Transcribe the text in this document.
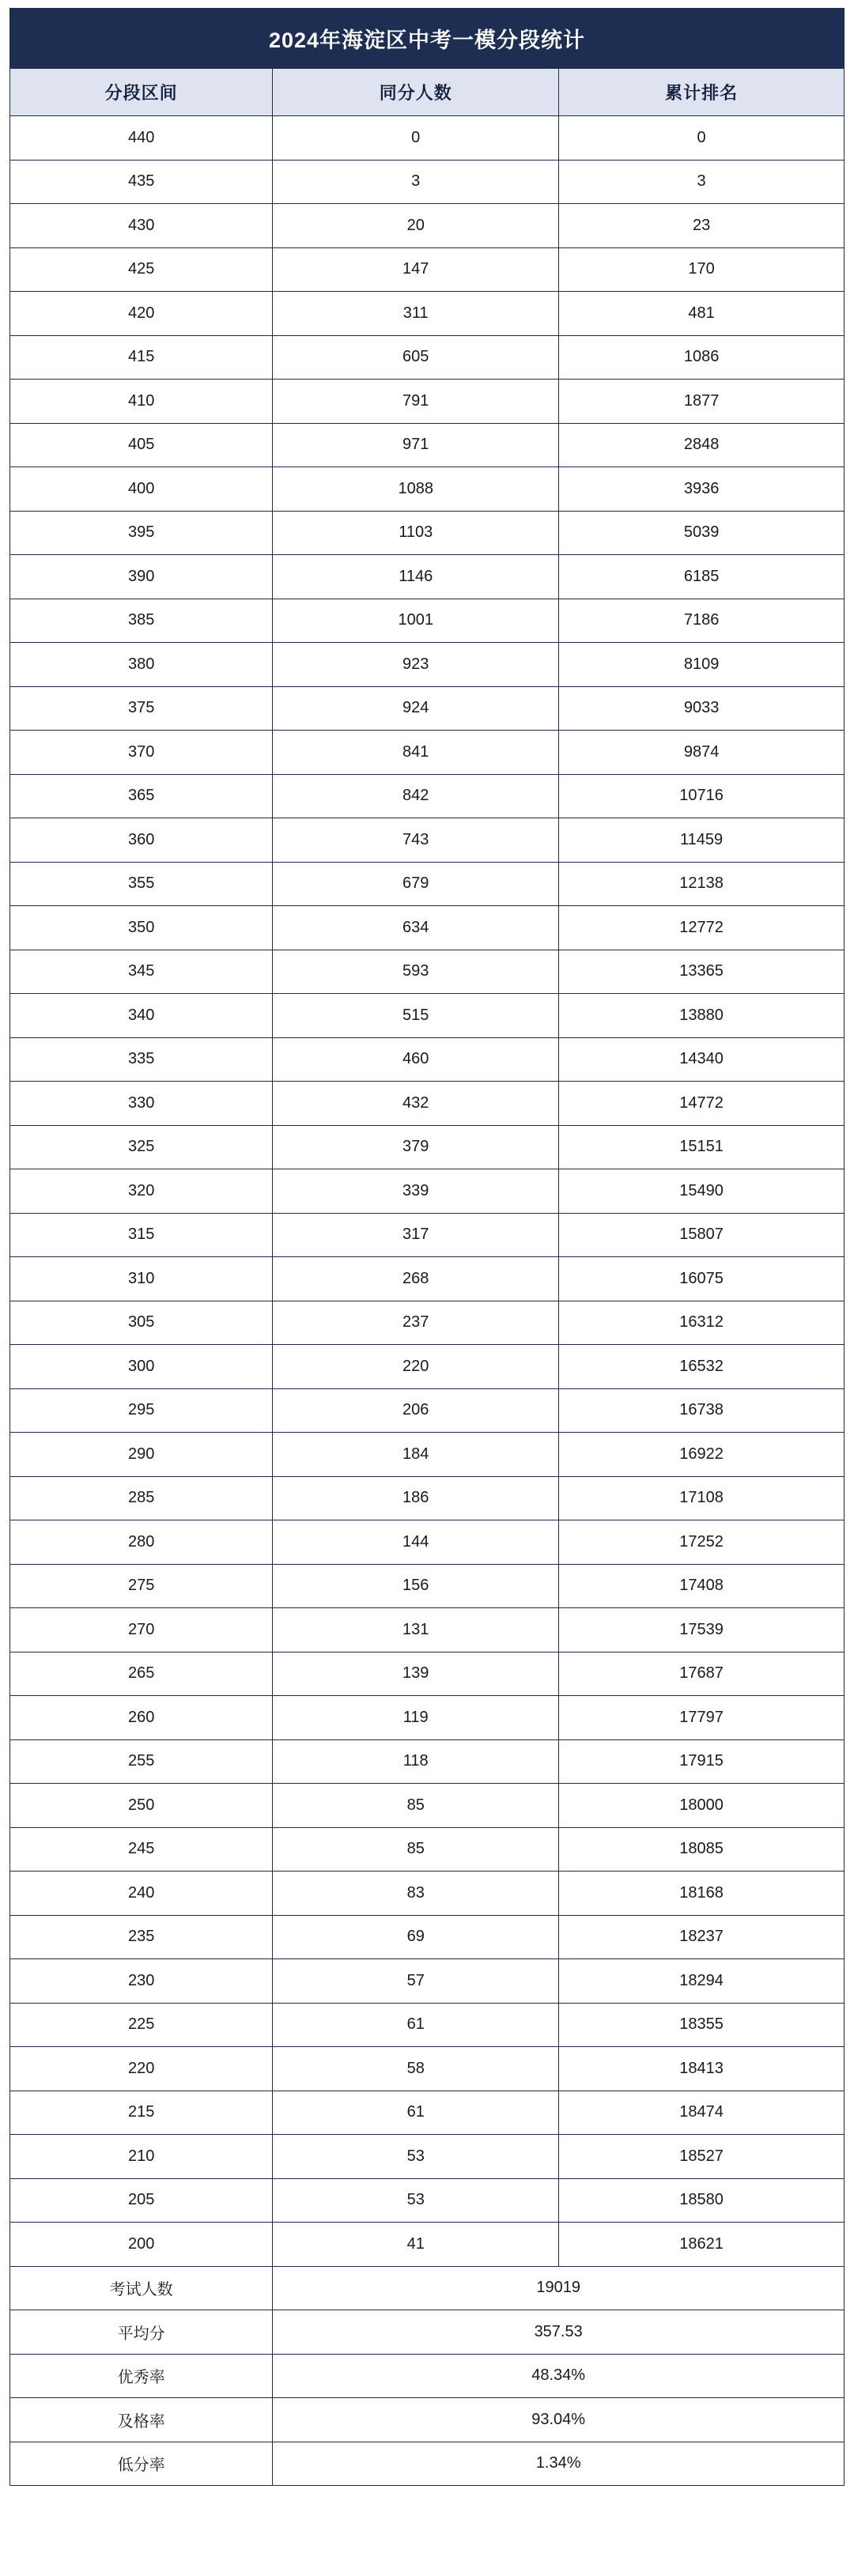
2024年海淀区中考一模分段统计		
分段区间	同分人数	累计排名
440	0	0
435	3	3
430	20	23
425	147	170
420	311	481
415	605	1086
410	791	1877
405	971	2848
400	1088	3936
395	1103	5039
390	1146	6185
385	1001	7186
380	923	8109
375	924	9033
370	841	9874
365	842	10716
360	743	11459
355	679	12138
350	634	12772
345	593	13365
340	515	13880
335	460	14340
330	432	14772
325	379	15151
320	339	15490
315	317	15807
310	268	16075
305	237	16312
300	220	16532
295	206	16738
290	184	16922
285	186	17108
280	144	17252
275	156	17408
270	131	17539
265	139	17687
260	119	17797
255	118	17915
250	85	18000
245	85	18085
240	83	18168
235	69	18237
230	57	18294
225	61	18355
220	58	18413
215	61	18474
210	53	18527
205	53	18580
200	41	18621
考试人数	19019	
平均分	357.53	
优秀率	48.34%	
及格率	93.04%	
低分率	1.34%	
